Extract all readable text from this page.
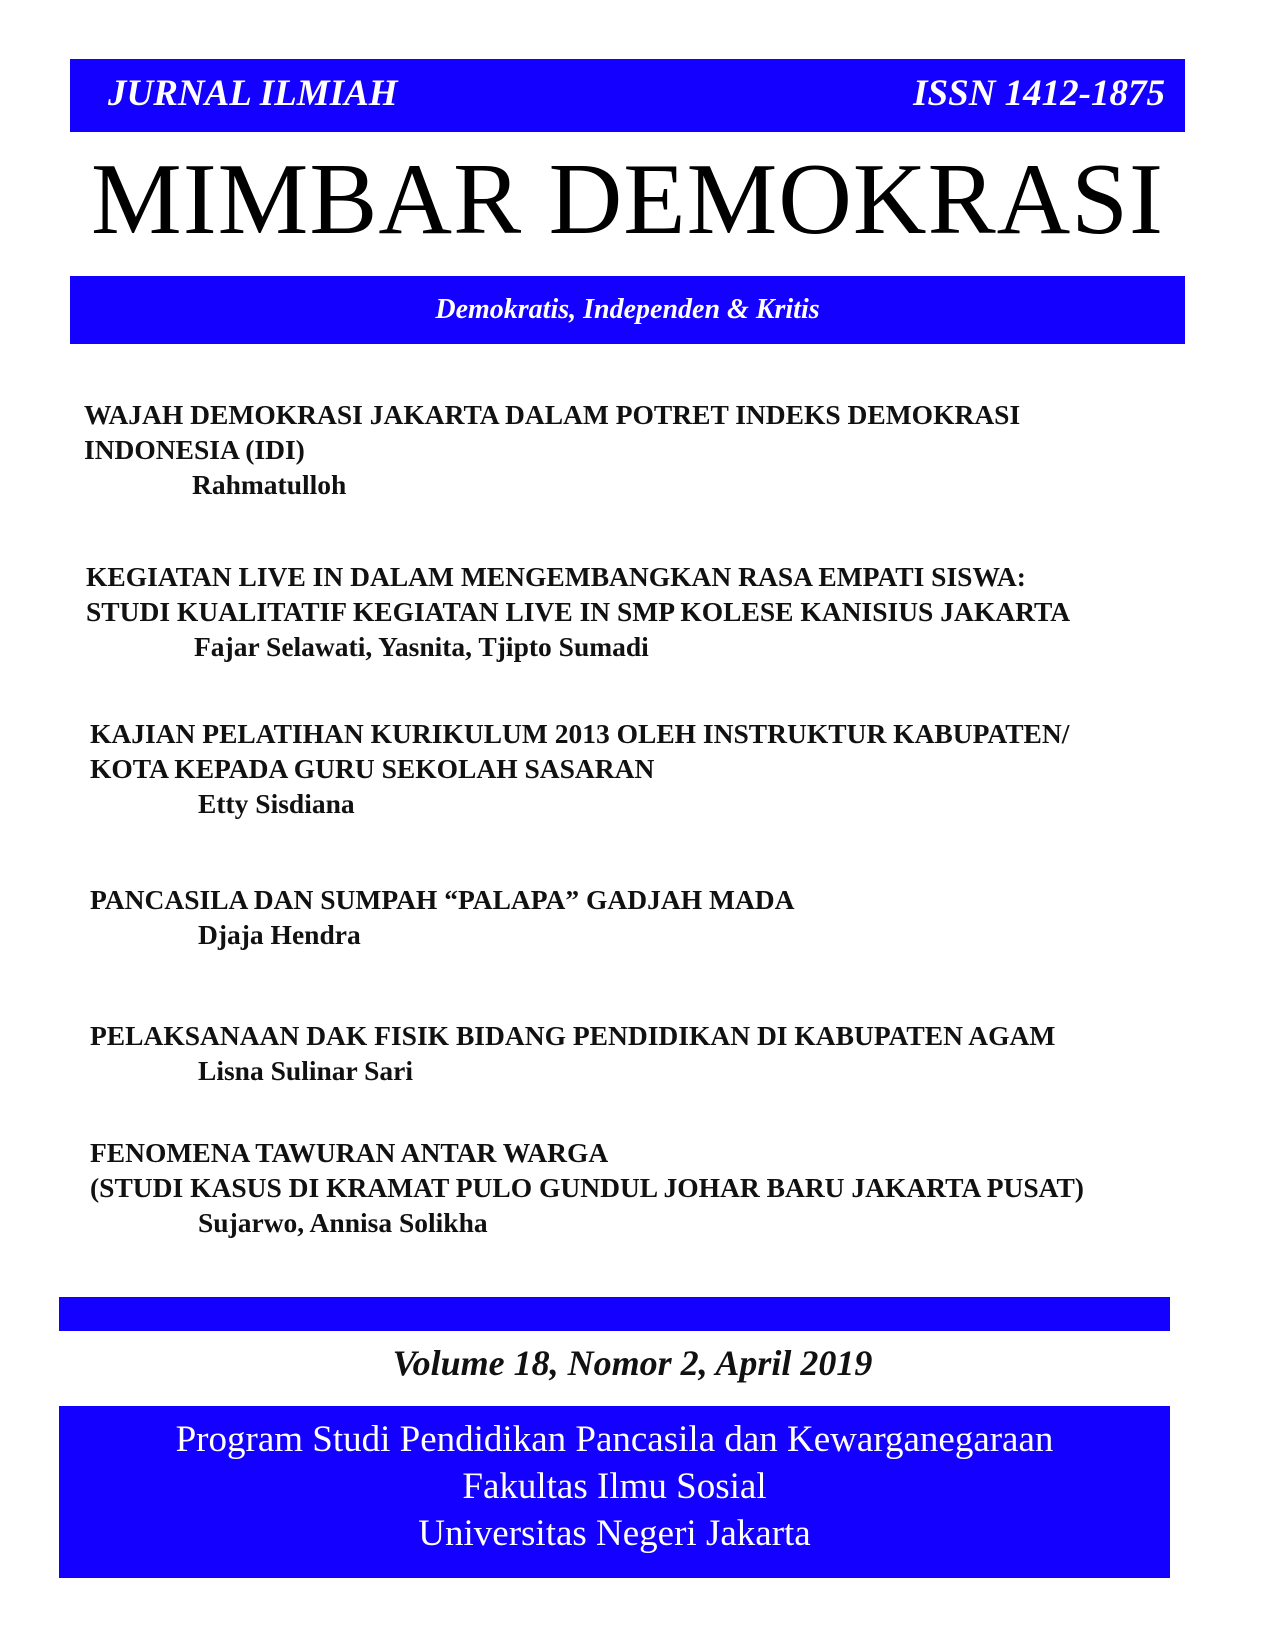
JURNAL ILMIAH	ISSN 1412-1875
MIMBAR DEMOKRASI
Demokratis, Independen & Kritis
WAJAH DEMOKRASI JAKARTA DALAM POTRET INDEKS DEMOKRASI
INDONESIA (IDI)
Rahmatulloh
KEGIATAN LIVE IN DALAM MENGEMBANGKAN RASA EMPATI SISWA:
STUDI KUALITATIF KEGIATAN LIVE IN SMP KOLESE KANISIUS JAKARTA
Fajar Selawati, Yasnita, Tjipto Sumadi
KAJIAN PELATIHAN KURIKULUM 2013 OLEH INSTRUKTUR KABUPATEN/
KOTA KEPADA GURU SEKOLAH SASARAN
Etty Sisdiana
PANCASILA DAN SUMPAH “PALAPA” GADJAH MADA
Djaja Hendra
PELAKSANAAN DAK FISIK BIDANG PENDIDIKAN DI KABUPATEN AGAM
Lisna Sulinar Sari
FENOMENA TAWURAN ANTAR WARGA
(STUDI KASUS DI KRAMAT PULO GUNDUL JOHAR BARU JAKARTA PUSAT)
Sujarwo, Annisa Solikha
Volume 18, Nomor 2, April 2019
Program Studi Pendidikan Pancasila dan Kewarganegaraan
Fakultas Ilmu Sosial
Universitas Negeri Jakarta
